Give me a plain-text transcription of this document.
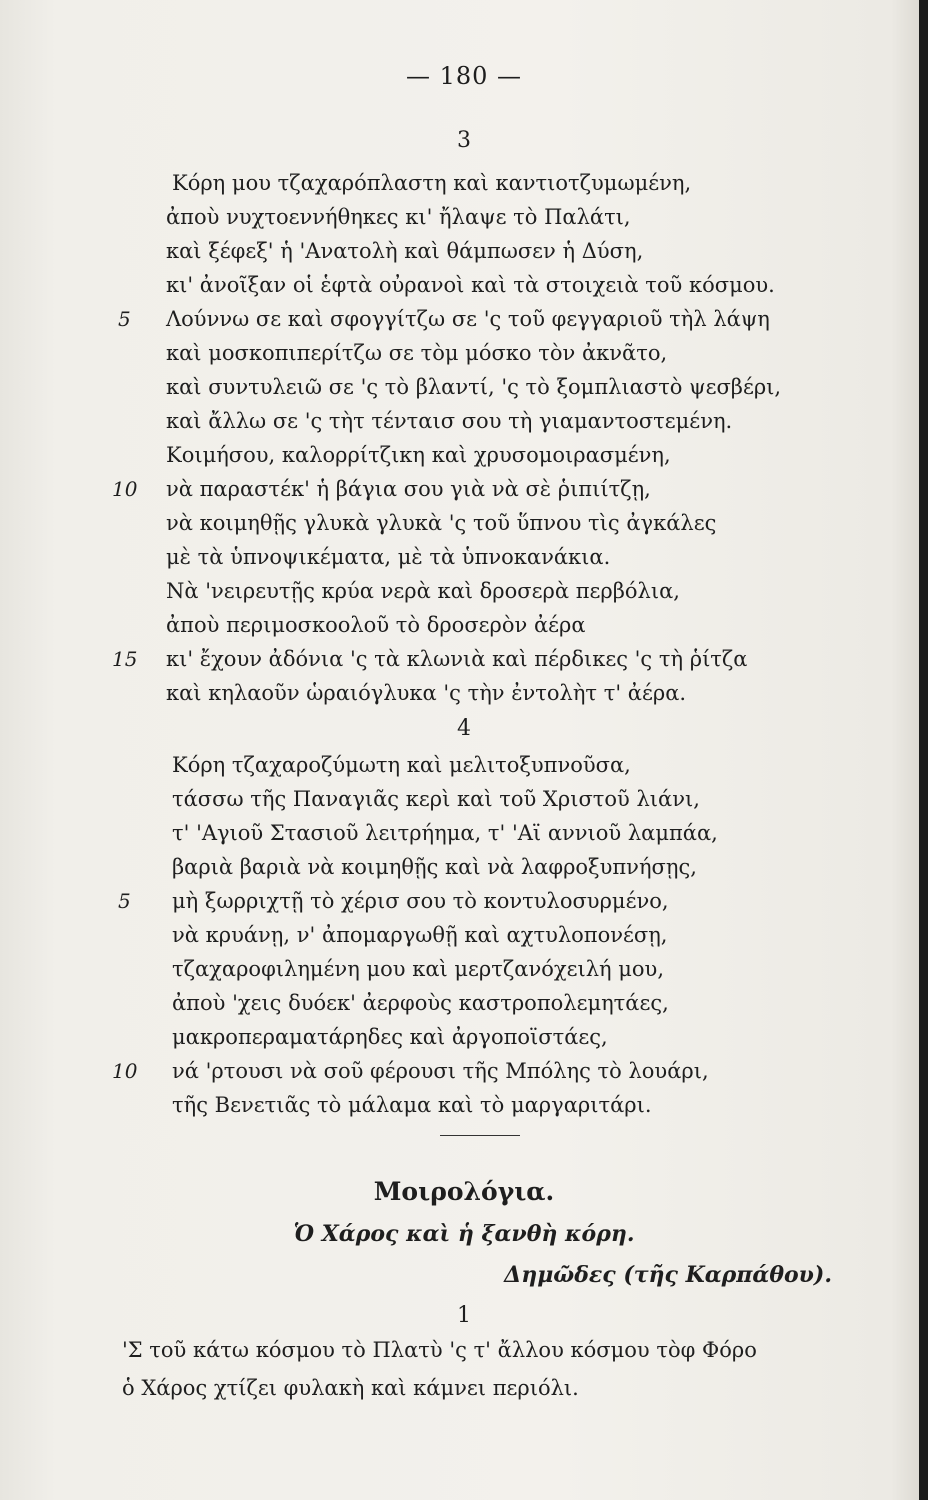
— 180 —
3
Κόρη μου τζαχαρόπλαστη καὶ καντιοτζυμωμένη,
ἀποὺ νυχτοεννήθηκες κι' ἤλαψε τὸ Παλάτι,
καὶ ξέφεξ' ἡ 'Ανατολὴ καὶ θάμπωσεν ἡ Δύση,
κι' ἀνοῖξαν οἱ ἑφτὰ οὐρανοὶ καὶ τὰ στοιχειὰ τοῦ κόσμου.
5 Λούννω σε καὶ σφογγίτζω σε 'ς τοῦ φεγγαριοῦ τὴλ λάψη
καὶ μοσκοπιπερίτζω σε τὸμ μόσκο τὸν ἀκνᾶτο,
καὶ συντυλειῶ σε 'ς τὸ βλαντί, 'ς τὸ ξομπλιαστὸ ψεσβέρι,
καὶ ἄλλω σε 'ς τὴτ τένταισ σου τὴ γιαμαντοστεμένη.
Κοιμήσου, καλορρίτζικη καὶ χρυσομοιρασμένη,
10 νὰ παραστέκ' ἡ βάγια σου γιὰ νὰ σὲ ῥιπιίτζῃ,
νὰ κοιμηθῇς γλυκὰ γλυκὰ 'ς τοῦ ὕπνου τὶς ἀγκάλες
μὲ τὰ ὑπνοψικέματα, μὲ τὰ ὑπνοκανάκια.
Νὰ 'νειρευτῇς κρύα νερὰ καὶ δροσερὰ περβόλια,
ἀποὺ περιμοσκοολοῦ τὸ δροσερὸν ἀέρα
15 κι' ἔχουν ἀδόνια 'ς τὰ κλωνιὰ καὶ πέρδικες 'ς τὴ ῥίτζα
καὶ κηλαοῦν ὡραιόγλυκα 'ς τὴν ἐντολὴτ τ' ἀέρα.
4
Κόρη τζαχαροζύμωτη καὶ μελιτοξυπνοῦσα,
τάσσω τῆς Παναγιᾶς κερὶ καὶ τοῦ Χριστοῦ λιάνι,
τ' 'Αγιοῦ Στασιοῦ λειτρήημα, τ' 'Αϊ αννιοῦ λαμπάα,
βαριὰ βαριὰ νὰ κοιμηθῇς καὶ νὰ λαφροξυπνήσῃς,
5 μὴ ξωρριχτῇ τὸ χέρισ σου τὸ κοντυλοσυρμένο,
νὰ κρυάνῃ, ν' ἀπομαργωθῇ καὶ αχτυλοπονέσῃ,
τζαχαροφιλημένη μου καὶ μερτζανόχειλή μου,
ἀποὺ 'χεις δυόεκ' ἀερφοὺς καστροπολεμητάες,
μακροπεραματάρηδες καὶ ἀργοποϊστάες,
10 νά 'ρτουσι νὰ σοῦ φέρουσι τῆς Μπόλης τὸ λουάρι,
τῆς Βενετιᾶς τὸ μάλαμα καὶ τὸ μαργαριτάρι.
Μοιρολόγια.
Ὁ Χάρος καὶ ἡ ξανθὴ κόρη.
Δημῶδες (τῆς Καρπάθου).
1
'Σ τοῦ κάτω κόσμου τὸ Πλατὺ 'ς τ' ἄλλου κόσμου τὸφ Φόρο
ὁ Χάρος χτίζει φυλακὴ καὶ κάμνει περιόλι.
